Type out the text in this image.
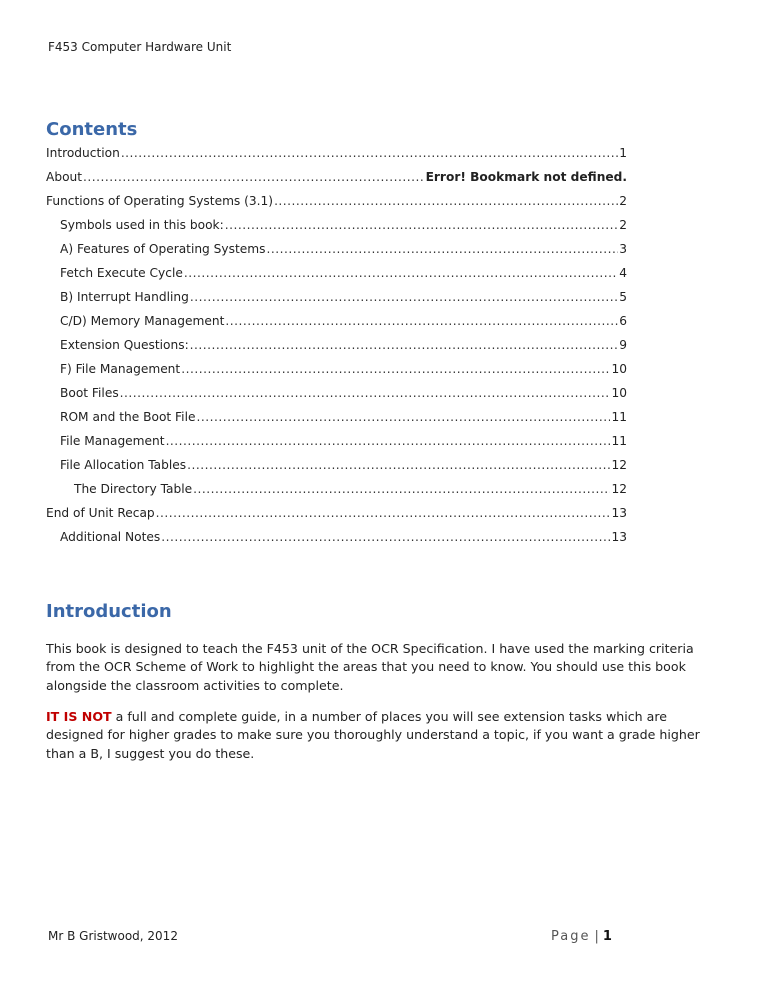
F453 Computer Hardware Unit
Contents
Introduction .....	1
About .....	Error! Bookmark not defined.
Functions of Operating Systems (3.1) .....	2
Symbols used in this book: .....	2
A) Features of Operating Systems .....	3
Fetch Execute Cycle .....	4
B) Interrupt Handling .....	5
C/D) Memory Management .....	6
Extension Questions: .....	9
F) File Management .....	10
Boot Files .....	10
ROM and the Boot File .....	11
File Management .....	11
File Allocation Tables .....	12
The Directory Table .....	12
End of Unit Recap .....	13
Additional Notes .....	13
Introduction

This book is designed to teach the F453 unit of the OCR Specification. I have used the marking criteria from the OCR Scheme of Work to highlight the areas that you need to know. You should use this book alongside the classroom activities to complete.

IT IS NOT a full and complete guide, in a number of places you will see extension tasks which are designed for higher grades to make sure you thoroughly understand a topic, if you want a grade higher than a B, I suggest you do these.

Mr B Gristwood, 2012	Page | 1
